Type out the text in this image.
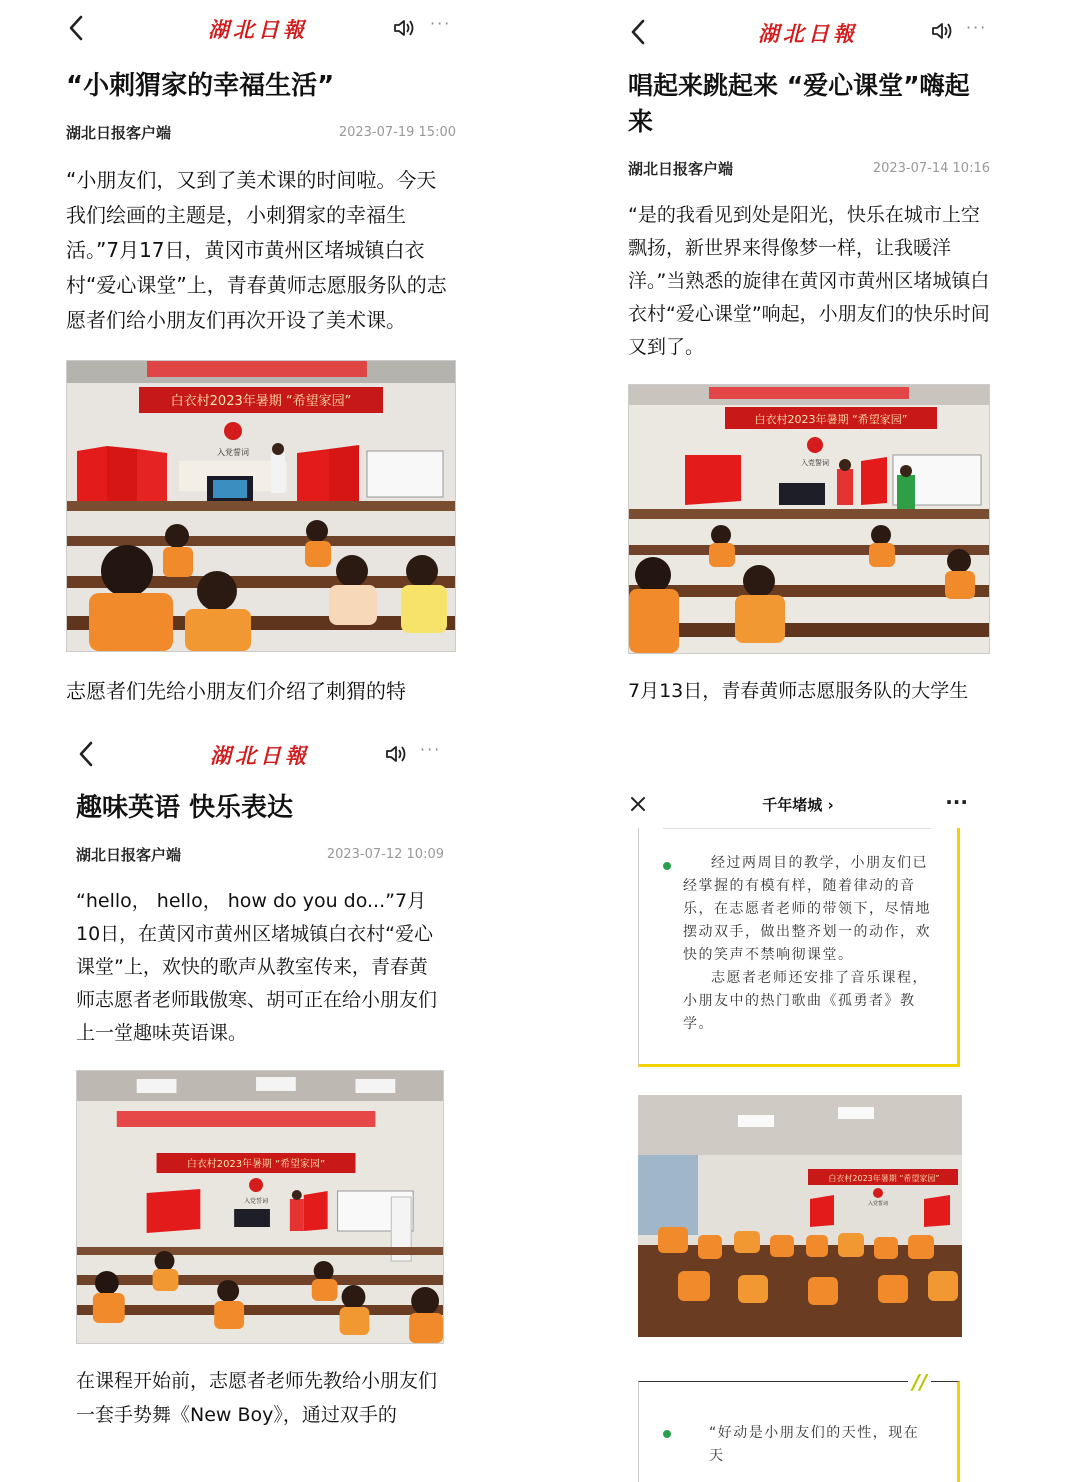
湖北日報	···
“小刺猬家的幸福生活”
湖北日报客户端	2023-07-19 15:00
“小朋友们，又到了美术课的时间啦。今天我们绘画的主题是，小刺猬家的幸福生活。”7月17日，黄冈市黄州区堵城镇白衣村“爱心课堂”上，青春黄师志愿服务队的志愿者们给小朋友们再次开设了美术课。
白衣村2023年暑期 “希望家园”
入党誓词
志愿者们先给小朋友们介绍了刺猬的特
湖北日報	···
唱起来跳起来 “爱心课堂”嗨起来
湖北日报客户端	2023-07-14 10:16
“是的我看见到处是阳光，快乐在城市上空飘扬，新世界来得像梦一样，让我暖洋洋。”当熟悉的旋律在黄冈市黄州区堵城镇白衣村“爱心课堂”响起，小朋友们的快乐时间又到了。
白衣村2023年暑期 “希望家园”
入党誓词
7月13日，青春黄师志愿服务队的大学生
湖北日報	···
趣味英语 快乐表达
湖北日报客户端	2023-07-12 10:09
“hello， hello， how do you do...”7月10日，在黄冈市黄州区堵城镇白衣村“爱心课堂”上，欢快的歌声从教室传来，青春黄师志愿者老师戢傲寒、胡可正在给小朋友们上一堂趣味英语课。
白衣村2023年暑期 “希望家园”
入党誓词
在课程开始前，志愿者老师先教给小朋友们一套手势舞《New Boy》，通过双手的
千年堵城 ›	···

经过两周目的教学，小朋友们已经掌握的有模有样，随着律动的音乐，在志愿者老师的带领下，尽情地摆动双手，做出整齐划一的动作，欢快的笑声不禁响彻课堂。

志愿者老师还安排了音乐课程，小朋友中的热门歌曲《孤勇者》教学。

白衣村2023年暑期 “希望家园”
入党誓词
//

“好动是小朋友们的天性，现在天
